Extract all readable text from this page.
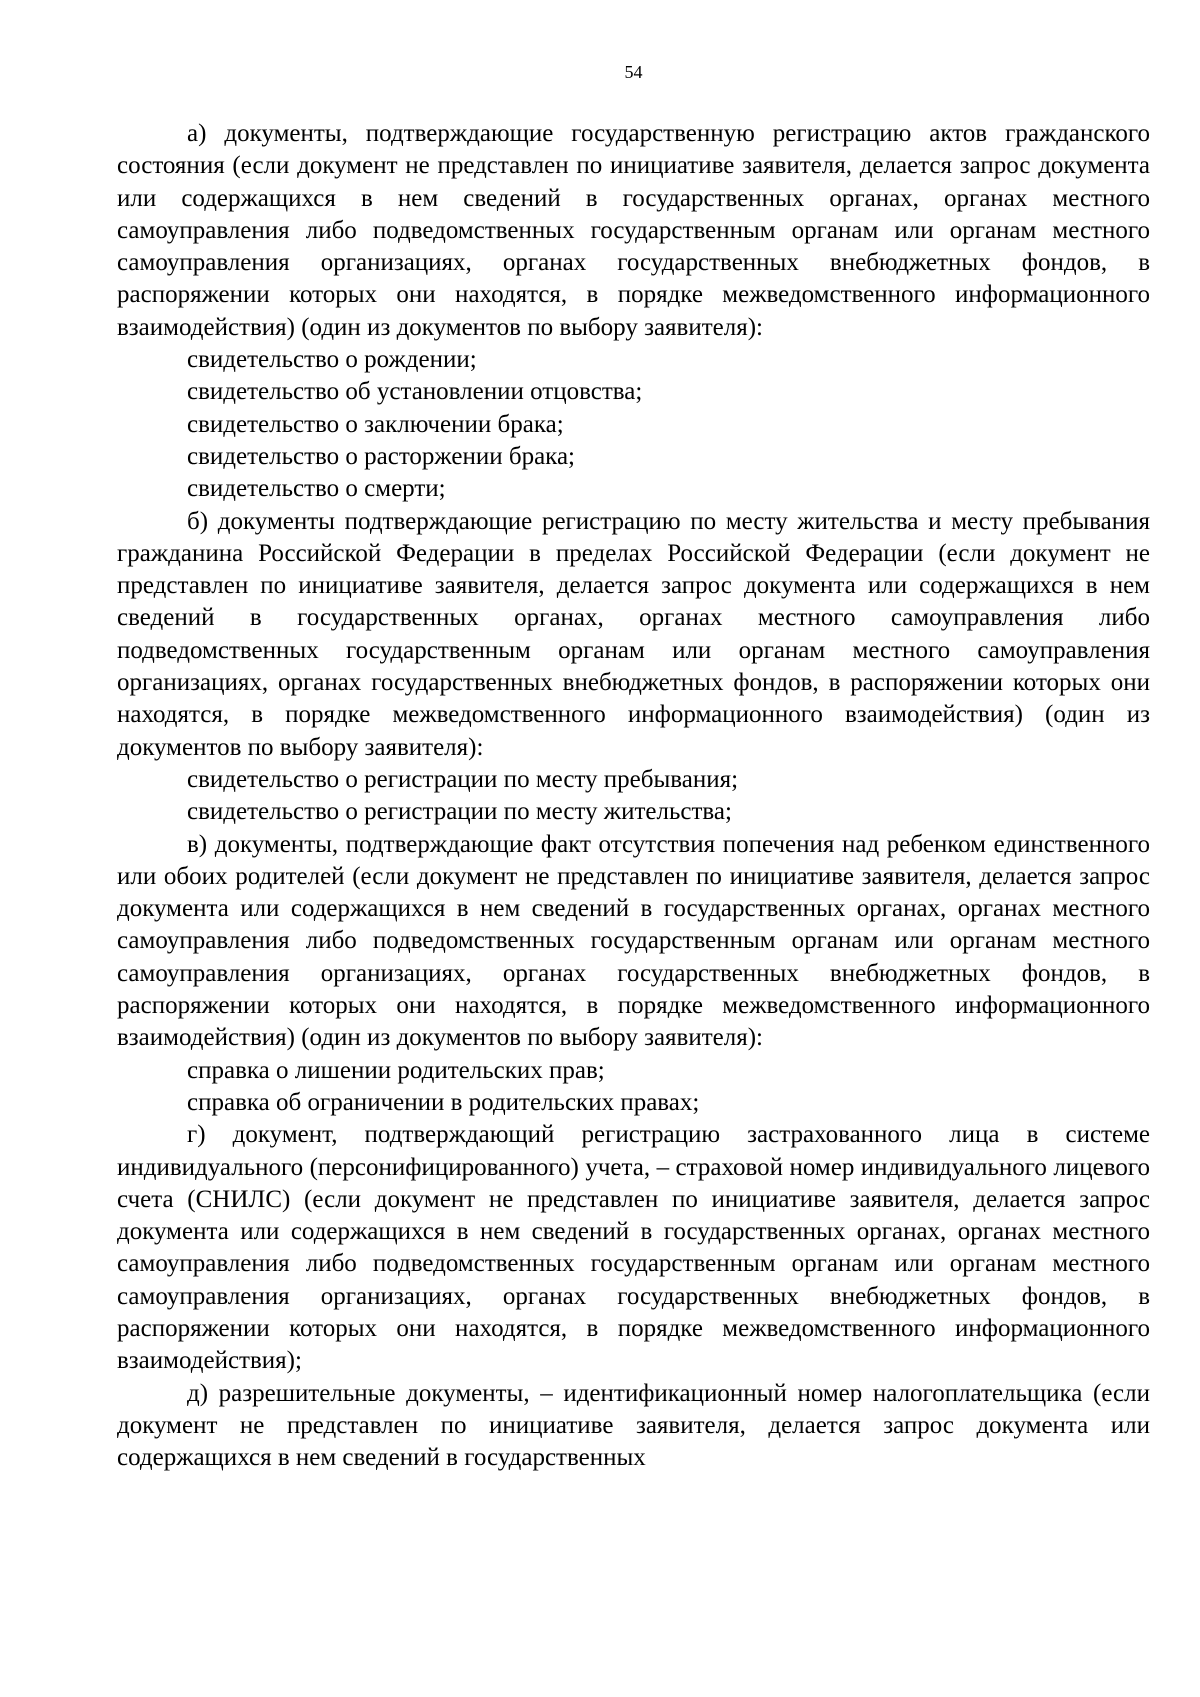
54

а) документы, подтверждающие государственную регистрацию актов гражданского состояния (если документ не представлен по инициативе заявителя, делается запрос документа или содержащихся в нем сведений в государственных органах, органах местного самоуправления либо подведомственных государственным органам или органам местного самоуправления организациях, органах государственных внебюджетных фондов, в распоряжении которых они находятся, в порядке межведомственного информационного взаимодействия) (один из документов по выбору заявителя):

свидетельство о рождении;

свидетельство об установлении отцовства;

свидетельство о заключении брака;

свидетельство о расторжении брака;

свидетельство о смерти;

б) документы подтверждающие регистрацию по месту жительства и месту пребывания гражданина Российской Федерации в пределах Российской Федерации (если документ не представлен по инициативе заявителя, делается запрос документа или содержащихся в нем сведений в государственных органах, органах местного самоуправления либо подведомственных государственным органам или органам местного самоуправления организациях, органах государственных внебюджетных фондов, в распоряжении которых они находятся, в порядке межведомственного информационного взаимодействия) (один из документов по выбору заявителя):

свидетельство о регистрации по месту пребывания;

свидетельство о регистрации по месту жительства;

в) документы, подтверждающие факт отсутствия попечения над ребенком единственного или обоих родителей (если документ не представлен по инициативе заявителя, делается запрос документа или содержащихся в нем сведений в государственных органах, органах местного самоуправления либо подведомственных государственным органам или органам местного самоуправления организациях, органах государственных внебюджетных фондов, в распоряжении которых они находятся, в порядке межведомственного информационного взаимодействия) (один из документов по выбору заявителя):

справка о лишении родительских прав;

справка об ограничении в родительских правах;

г) документ, подтверждающий регистрацию застрахованного лица в системе индивидуального (персонифицированного) учета, – страховой номер индивидуального лицевого счета (СНИЛС) (если документ не представлен по инициативе заявителя, делается запрос документа или содержащихся в нем сведений в государственных органах, органах местного самоуправления либо подведомственных государственным органам или органам местного самоуправления организациях, органах государственных внебюджетных фондов, в распоряжении которых они находятся, в порядке межведомственного информационного взаимодействия);

д) разрешительные документы, – идентификационный номер налогоплательщика (если документ не представлен по инициативе заявителя, делается запрос документа или содержащихся в нем сведений в государственных
